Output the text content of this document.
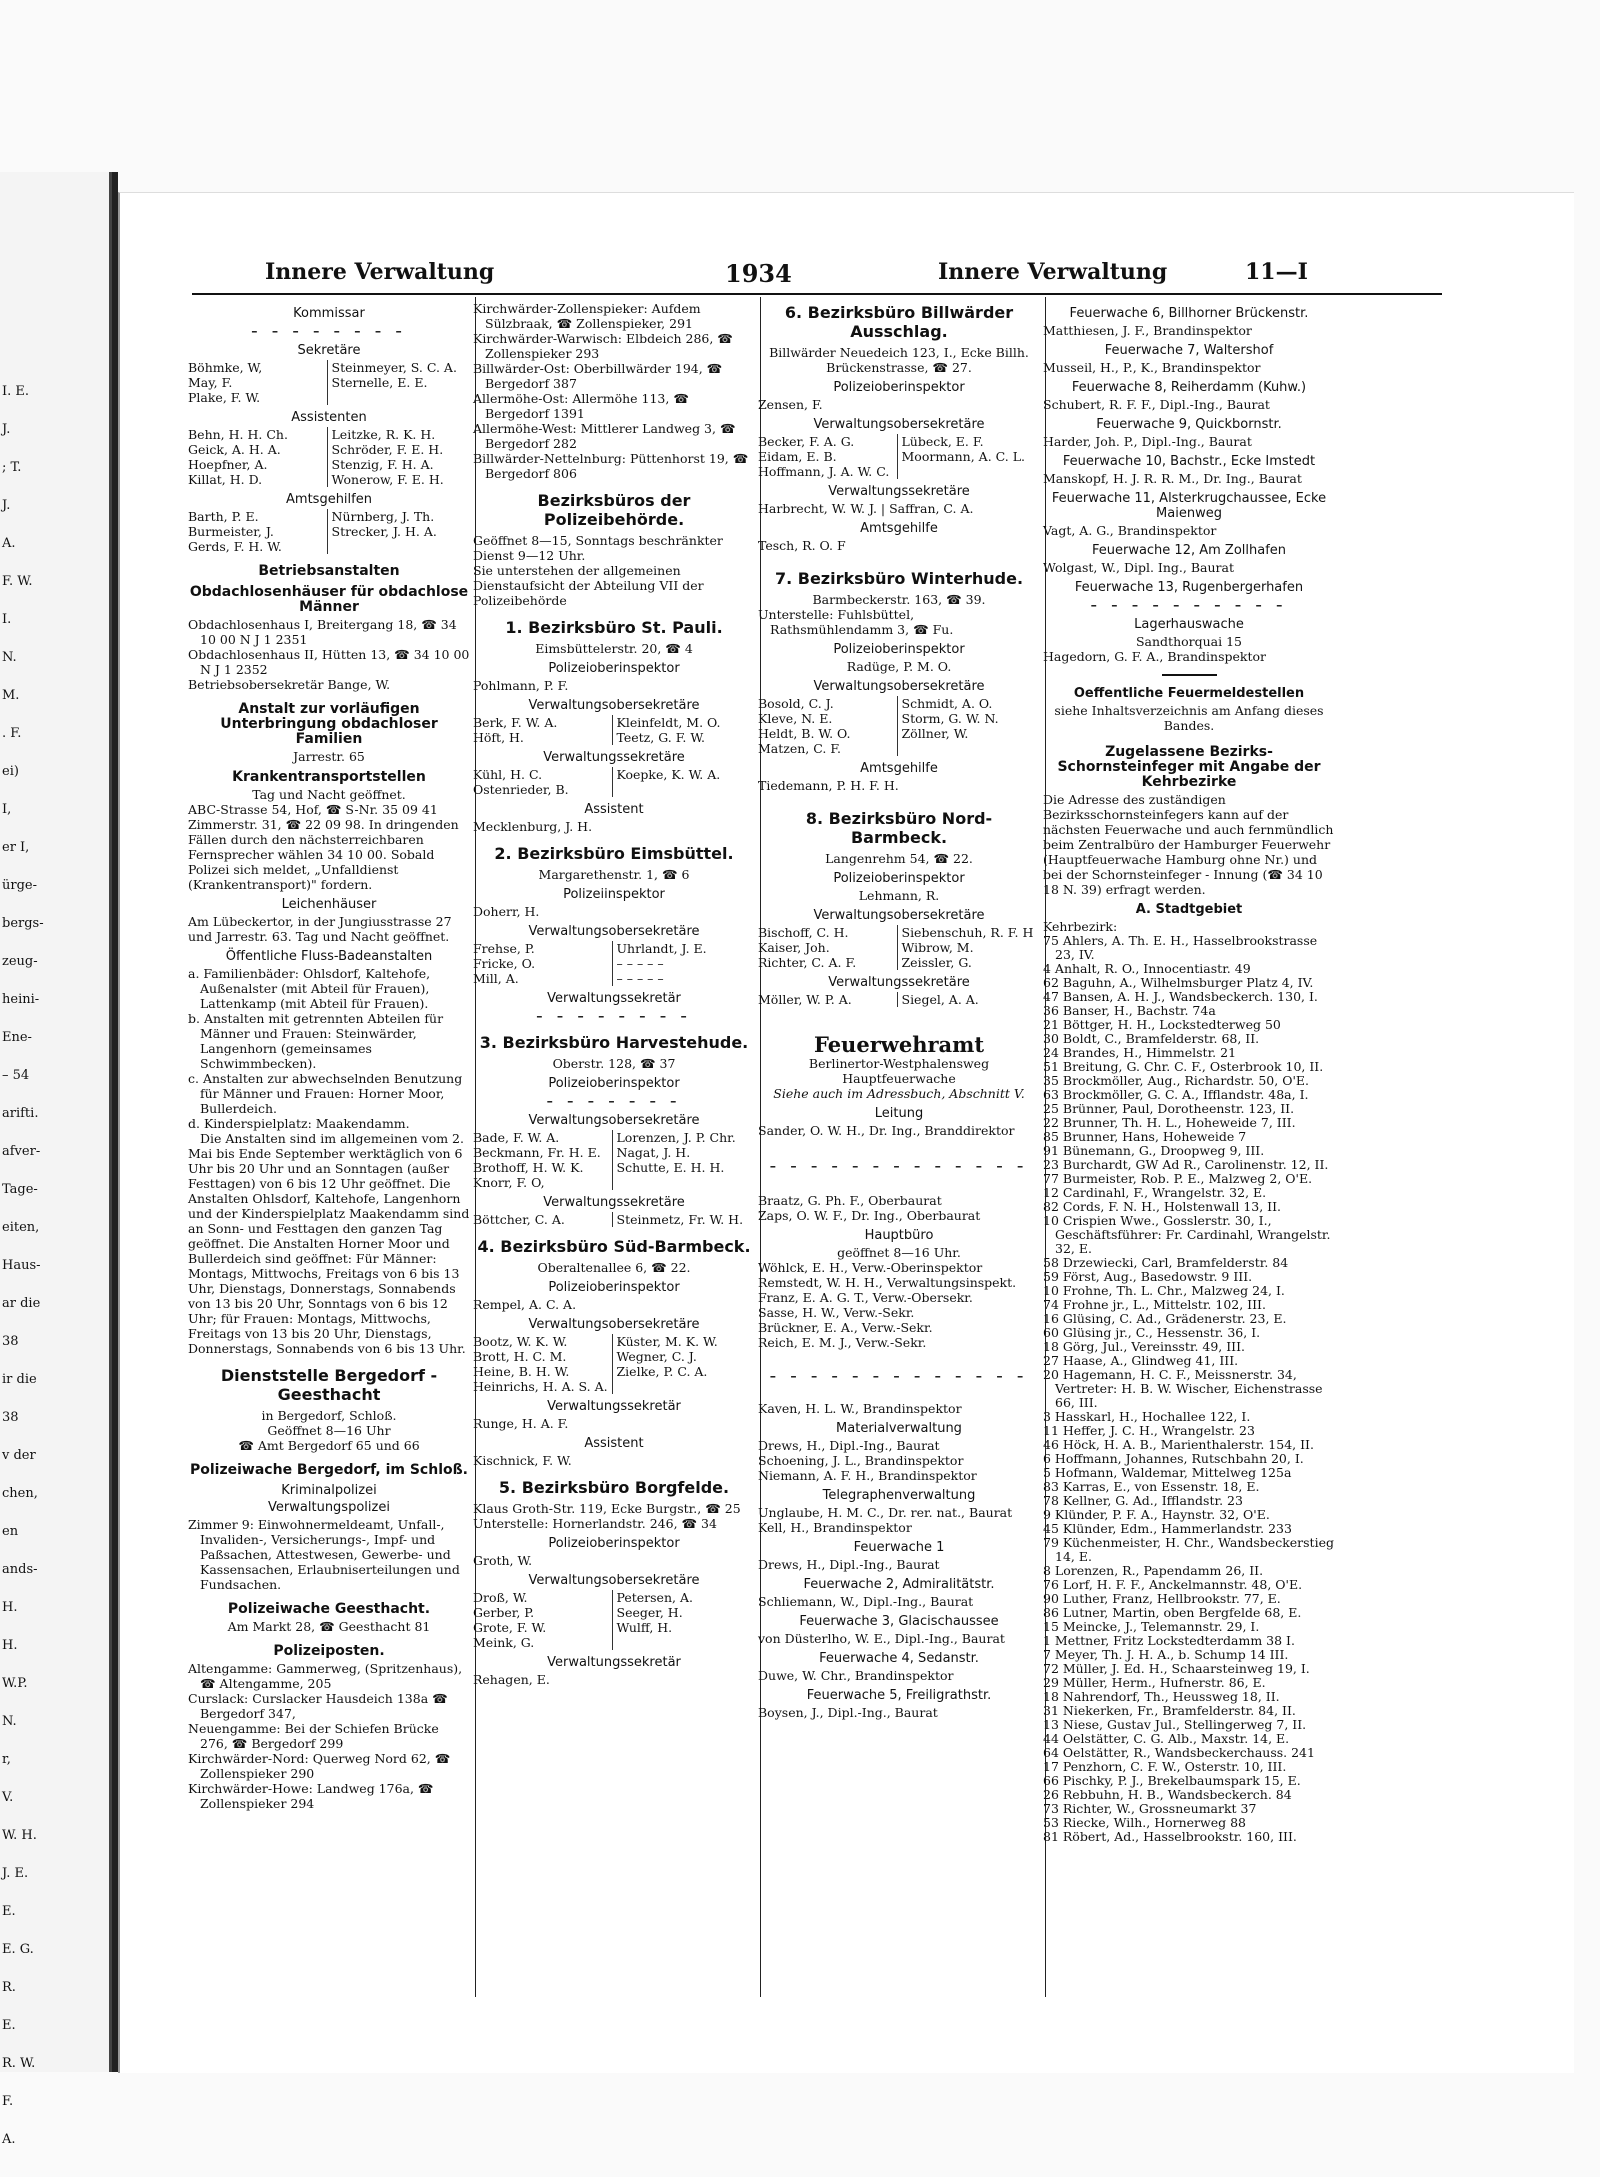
I. E.
J.
; T.
J.
A.
F. W.
I.
N.
M.
. F.
ei)
I,
er I,
ürge-
bergs-
zeug-
heini-
Ene-
– 54
arifti.
afver-
Tage-
eiten,
Haus-
ar die
38
ir die
38
v der
chen,
en
ands-
H.
H.
W.P.
N.
r,
V.
W. H.
J. E.
E.
E. G.
R.
E.
R. W.
F.
A.
Innere Verwaltung	1934	Innere Verwaltung	11—I
Kommissar
– – – – – – – –
Sekretäre
Böhmke, W,	Steinmeyer, S. C. A.
May, F.	Sternelle, E. E.
Plake, F. W.
Assistenten
Behn, H. H. Ch.	Leitzke, R. K. H.
Geick, A. H. A.	Schröder, F. E. H.
Hoepfner, A.	Stenzig, F. H. A.
Killat, H. D.	Wonerow, F. E. H.
Amtsgehilfen
Barth, P. E.	Nürnberg, J. Th.
Burmeister, J.	Strecker, J. H. A.
Gerds, F. H. W.
Betriebsanstalten
Obdachlosenhäuser für obdachlose Männer
Obdachlosenhaus I, Breitergang 18, ☎ 34 10 00 N J 1 2351
Obdachlosenhaus II, Hütten 13, ☎ 34 10 00 N J 1 2352
Betriebsobersekretär Bange, W.
Anstalt zur vorläufigen Unterbringung obdachloser Familien
Jarrestr. 65
Krankentransportstellen
Tag und Nacht geöffnet.
ABC-Strasse 54, Hof, ☎ S-Nr. 35 09 41
Zimmerstr. 31, ☎ 22 09 98. In dringenden Fällen durch den nächsterreichbaren Fernsprecher wählen 34 10 00. Sobald Polizei sich meldet, „Unfalldienst (Krankentransport)" fordern.
Leichenhäuser
Am Lübeckertor, in der Jungiusstrasse 27 und Jarrestr. 63. Tag und Nacht geöffnet.
Öffentliche Fluss-Badeanstalten
a. Familienbäder: Ohlsdorf, Kaltehofe, Außenalster (mit Abteil für Frauen), Lattenkamp (mit Abteil für Frauen).
b. Anstalten mit getrennten Abteilen für Männer und Frauen: Steinwärder, Langenhorn (gemeinsames Schwimmbecken).
c. Anstalten zur abwechselnden Benutzung für Männer und Frauen: Horner Moor, Bullerdeich.
d. Kinderspielplatz: Maakendamm.
Die Anstalten sind im allgemeinen vom 2. Mai bis Ende September werktäglich von 6 Uhr bis 20 Uhr und an Sonntagen (außer Festtagen) von 6 bis 12 Uhr geöffnet. Die Anstalten Ohlsdorf, Kaltehofe, Langenhorn und der Kinderspielplatz Maakendamm sind an Sonn- und Festtagen den ganzen Tag geöffnet. Die Anstalten Horner Moor und Bullerdeich sind geöffnet: Für Männer: Montags, Mittwochs, Freitags von 6 bis 13 Uhr, Dienstags, Donnerstags, Sonnabends von 13 bis 20 Uhr, Sonntags von 6 bis 12 Uhr; für Frauen: Montags, Mittwochs, Freitags von 13 bis 20 Uhr, Dienstags, Donnerstags, Sonnabends von 6 bis 13 Uhr.
Dienststelle Bergedorf - Geesthacht
in Bergedorf, Schloß.
Geöffnet 8—16 Uhr
☎ Amt Bergedorf 65 und 66
Polizeiwache Bergedorf, im Schloß.
Kriminalpolizei
Verwaltungspolizei
Zimmer 9: Einwohnermeldeamt, Unfall-, Invaliden-, Versicherungs-, Impf- und Paßsachen, Attestwesen, Gewerbe- und Kassensachen, Erlaubniserteilungen und Fundsachen.
Polizeiwache Geesthacht.
Am Markt 28, ☎ Geesthacht 81
Polizeiposten.
Altengamme: Gammerweg, (Spritzenhaus), ☎ Altengamme, 205
Curslack: Curslacker Hausdeich 138a ☎ Bergedorf 347,
Neuengamme: Bei der Schiefen Brücke 276, ☎ Bergedorf 299
Kirchwärder-Nord: Querweg Nord 62, ☎ Zollenspieker 290
Kirchwärder-Howe: Landweg 176a, ☎ Zollenspieker 294
Kirchwärder-Zollenspieker: Aufdem Sülzbraak, ☎ Zollenspieker, 291
Kirchwärder-Warwisch: Elbdeich 286, ☎ Zollenspieker 293
Billwärder-Ost: Oberbillwärder 194, ☎ Bergedorf 387
Allermöhe-Ost: Allermöhe 113, ☎ Bergedorf 1391
Allermöhe-West: Mittlerer Landweg 3, ☎ Bergedorf 282
Billwärder-Nettelnburg: Püttenhorst 19, ☎ Bergedorf 806
Bezirksbüros der Polizeibehörde.
Geöffnet 8—15, Sonntags beschränkter Dienst 9—12 Uhr.
Sie unterstehen der allgemeinen Dienstaufsicht der Abteilung VII der Polizeibehörde
1. Bezirksbüro St. Pauli.
Eimsbüttelerstr. 20, ☎ 4
Polizeioberinspektor
Pohlmann, P. F.
Verwaltungsobersekretäre
Berk, F. W. A.	Kleinfeldt, M. O.
Höft, H.	Teetz, G. F. W.
Verwaltungssekretäre
Kühl, H. C.	Koepke, K. W. A.
Ostenrieder, B.
Assistent
Mecklenburg, J. H.
2. Bezirksbüro Eimsbüttel.
Margarethenstr. 1, ☎ 6
Polizeiinspektor
Doherr, H.
Verwaltungsobersekretäre
Frehse, P.	Uhrlandt, J. E.
Fricke, O.	– – – – –
Mill, A.	– – – – –
Verwaltungssekretär
– – – – – – – –
3. Bezirksbüro Harvestehude.
Oberstr. 128, ☎ 37
Polizeioberinspektor
– – – – – – –
Verwaltungsobersekretäre
Bade, F. W. A.	Lorenzen, J. P. Chr.
Beckmann, Fr. H. E.	Nagat, J. H.
Brothoff, H. W. K.	Schutte, E. H. H.
Knorr, F. O,
Verwaltungssekretäre
Böttcher, C. A.	Steinmetz, Fr. W. H.
4. Bezirksbüro Süd-Barmbeck.
Oberaltenallee 6, ☎ 22.
Polizeioberinspektor
Rempel, A. C. A.
Verwaltungsobersekretäre
Bootz, W. K. W.	Küster, M. K. W.
Brott, H. C. M.	Wegner, C. J.
Heine, B. H. W.	Zielke, P. C. A.
Heinrichs, H. A. S. A.
Verwaltungssekretär
Runge, H. A. F.
Assistent
Kischnick, F. W.
5. Bezirksbüro Borgfelde.
Klaus Groth-Str. 119, Ecke Burgstr., ☎ 25 Unterstelle: Hornerlandstr. 246, ☎ 34
Polizeioberinspektor
Groth, W.
Verwaltungsobersekretäre
Droß, W.	Petersen, A.
Gerber, P.	Seeger, H.
Grote, F. W.	Wulff, H.
Meink, G.
Verwaltungssekretär
Rehagen, E.
6. Bezirksbüro Billwärder Ausschlag.
Billwärder Neuedeich 123, I., Ecke Billh. Brückenstrasse, ☎ 27.
Polizeioberinspektor
Zensen, F.
Verwaltungsobersekretäre
Becker, F. A. G.	Lübeck, E. F.
Eidam, E. B.	Moormann, A. C. L.
Hoffmann, J. A. W. C.
Verwaltungssekretäre
Harbrecht, W. W. J. | Saffran, C. A.
Amtsgehilfe
Tesch, R. O. F
7. Bezirksbüro Winterhude.
Barmbeckerstr. 163, ☎ 39.
Unterstelle: Fuhlsbüttel, Rathsmühlendamm 3, ☎ Fu.
Polizeioberinspektor
Radüge, P. M. O.
Verwaltungsobersekretäre
Bosold, C. J.	Schmidt, A. O.
Kleve, N. E.	Storm, G. W. N.
Heldt, B. W. O.	Zöllner, W.
Matzen, C. F.
Amtsgehilfe
Tiedemann, P. H. F. H.
8. Bezirksbüro Nord-Barmbeck.
Langenrehm 54, ☎ 22.
Polizeioberinspektor
Lehmann, R.
Verwaltungsobersekretäre
Bischoff, C. H.	Siebenschuh, R. F. H
Kaiser, Joh.	Wibrow, M.
Richter, C. A. F.	Zeissler, G.
Verwaltungssekretäre
Möller, W. P. A.	Siegel, A. A.
Feuerwehramt
Berlinertor-Westphalensweg Hauptfeuerwache
Siehe auch im Adressbuch, Abschnitt V.
Leitung
Sander, O. W. H., Dr. Ing., Branddirektor
– – – – – – – – – – – – –
Braatz, G. Ph. F., Oberbaurat
Zaps, O. W. F., Dr. Ing., Oberbaurat
Hauptbüro
geöffnet 8—16 Uhr.
Wöhlck, E. H., Verw.-Oberinspektor
Remstedt, W. H. H., Verwaltungsinspekt.
Franz, E. A. G. T., Verw.-Obersekr.
Sasse, H. W., Verw.-Sekr.
Brückner, E. A., Verw.-Sekr.
Reich, E. M. J., Verw.-Sekr.
– – – – – – – – – – – – –
Kaven, H. L. W., Brandinspektor
Materialverwaltung
Drews, H., Dipl.-Ing., Baurat
Schoening, J. L., Brandinspektor
Niemann, A. F. H., Brandinspektor
Telegraphenverwaltung
Unglaube, H. M. C., Dr. rer. nat., Baurat
Kell, H., Brandinspektor
Feuerwache 1
Drews, H., Dipl.-Ing., Baurat
Feuerwache 2, Admiralitätstr.
Schliemann, W., Dipl.-Ing., Baurat
Feuerwache 3, Glacischaussee
von Düsterlho, W. E., Dipl.-Ing., Baurat
Feuerwache 4, Sedanstr.
Duwe, W. Chr., Brandinspektor
Feuerwache 5, Freiligrathstr.
Boysen, J., Dipl.-Ing., Baurat
Feuerwache 6, Billhorner Brückenstr.
Matthiesen, J. F., Brandinspektor
Feuerwache 7, Waltershof
Musseil, H., P., K., Brandinspektor
Feuerwache 8, Reiherdamm (Kuhw.)
Schubert, R. F. F., Dipl.-Ing., Baurat
Feuerwache 9, Quickbornstr.
Harder, Joh. P., Dipl.-Ing., Baurat
Feuerwache 10, Bachstr., Ecke Imstedt
Manskopf, H. J. R. R. M., Dr. Ing., Baurat
Feuerwache 11, Alsterkrugchaussee, Ecke Maienweg
Vagt, A. G., Brandinspektor
Feuerwache 12, Am Zollhafen
Wolgast, W., Dipl. Ing., Baurat
Feuerwache 13, Rugenbergerhafen
– – – – – – – – – –
Lagerhauswache
Sandthorquai 15
Hagedorn, G. F. A., Brandinspektor
Oeffentliche Feuermeldestellen
siehe Inhaltsverzeichnis am Anfang dieses Bandes.
Zugelassene Bezirks-Schornsteinfeger mit Angabe der Kehrbezirke
Die Adresse des zuständigen Bezirksschornsteinfegers kann auf der nächsten Feuerwache und auch fernmündlich beim Zentralbüro der Hamburger Feuerwehr (Hauptfeuerwache Hamburg ohne Nr.) und bei der Schornsteinfeger - Innung (☎ 34 10 18 N. 39) erfragt werden.
A. Stadtgebiet
Kehrbezirk:
75 Ahlers, A. Th. E. H., Hasselbrookstrasse 23, IV.
4 Anhalt, R. O., Innocentiastr. 49
62 Baguhn, A., Wilhelmsburger Platz 4, IV.
47 Bansen, A. H. J., Wandsbeckerch. 130, I.
36 Banser, H., Bachstr. 74a
21 Böttger, H. H., Lockstedterweg 50
30 Boldt, C., Bramfelderstr. 68, II.
24 Brandes, H., Himmelstr. 21
51 Breitung, G. Chr. C. F., Osterbrook 10, II.
35 Brockmöller, Aug., Richardstr. 50, O'E.
63 Brockmöller, G. C. A., Ifflandstr. 48a, I.
25 Brünner, Paul, Dorotheenstr. 123, II.
22 Brunner, Th. H. L., Hoheweide 7, III.
85 Brunner, Hans, Hoheweide 7
91 Bünemann, G., Droopweg 9, III.
23 Burchardt, GW Ad R., Carolinenstr. 12, II.
77 Burmeister, Rob. P. E., Malzweg 2, O'E.
12 Cardinahl, F., Wrangelstr. 32, E.
82 Cords, F. N. H., Holstenwall 13, II.
10 Crispien Wwe., Gosslerstr. 30, I., Geschäftsführer: Fr. Cardinahl, Wrangelstr. 32, E.
58 Drzewiecki, Carl, Bramfelderstr. 84
59 Först, Aug., Basedowstr. 9 III.
10 Frohne, Th. L. Chr., Malzweg 24, I.
74 Frohne jr., L., Mittelstr. 102, III.
16 Glüsing, C. Ad., Grädenerstr. 23, E.
60 Glüsing jr., C., Hessenstr. 36, I.
18 Görg, Jul., Vereinsstr. 49, III.
27 Haase, A., Glindweg 41, III.
20 Hagemann, H. C. F., Meissnerstr. 34, Vertreter: H. B. W. Wischer, Eichenstrasse 66, III.
3 Hasskarl, H., Hochallee 122, I.
11 Heffer, J. C. H., Wrangelstr. 23
46 Höck, H. A. B., Marienthalerstr. 154, II.
6 Hoffmann, Johannes, Rutschbahn 20, I.
5 Hofmann, Waldemar, Mittelweg 125a
83 Karras, E., von Essenstr. 18, E.
78 Kellner, G. Ad., Ifflandstr. 23
9 Klünder, P. F. A., Haynstr. 32, O'E.
45 Klünder, Edm., Hammerlandstr. 233
79 Küchenmeister, H. Chr., Wandsbeckerstieg 14, E.
8 Lorenzen, R., Papendamm 26, II.
76 Lorf, H. F. F., Anckelmannstr. 48, O'E.
90 Luther, Franz, Hellbrookstr. 77, E.
86 Lutner, Martin, oben Bergfelde 68, E.
15 Meincke, J., Telemannstr. 29, I.
1 Mettner, Fritz Lockstedterdamm 38 I.
7 Meyer, Th. J. H. A., b. Schump 14 III.
72 Müller, J. Ed. H., Schaarsteinweg 19, I.
29 Müller, Herm., Hufnerstr. 86, E.
18 Nahrendorf, Th., Heussweg 18, II.
31 Niekerken, Fr., Bramfelderstr. 84, II.
13 Niese, Gustav Jul., Stellingerweg 7, II.
44 Oelstätter, C. G. Alb., Maxstr. 14, E.
64 Oelstätter, R., Wandsbeckerchauss. 241
17 Penzhorn, C. F. W., Osterstr. 10, III.
66 Pischky, P. J., Brekelbaumspark 15, E.
26 Rebbuhn, H. B., Wandsbeckerch. 84
73 Richter, W., Grossneumarkt 37
53 Riecke, Wilh., Hornerweg 88
81 Röbert, Ad., Hasselbrookstr. 160, III.
